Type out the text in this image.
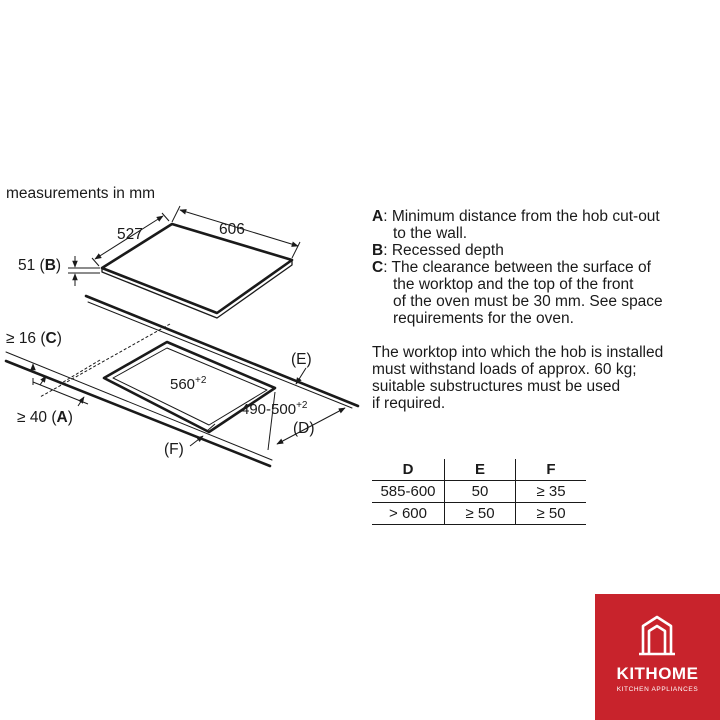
measurements in mm
606
527
51 (B)
$560^{+2}$
$490-500^{+2}$
(E)
(D)
(F)
≥ 16 (C)
≥ 40 (A)
A : Minimum distance from the hob cut-out
to the wall.
B : Recessed depth
C : The clearance between the surface of
the worktop and the top of the front
of the oven must be 30 mm. See space
requirements for the oven.
The worktop into which the hob is installed
must withstand loads of approx. 60 kg;
suitable substructures must be used
if required.
D	E	F
585-600	50	≥ 35
> 600	≥ 50	≥ 50
KITHOME
KITCHEN APPLIANCES
